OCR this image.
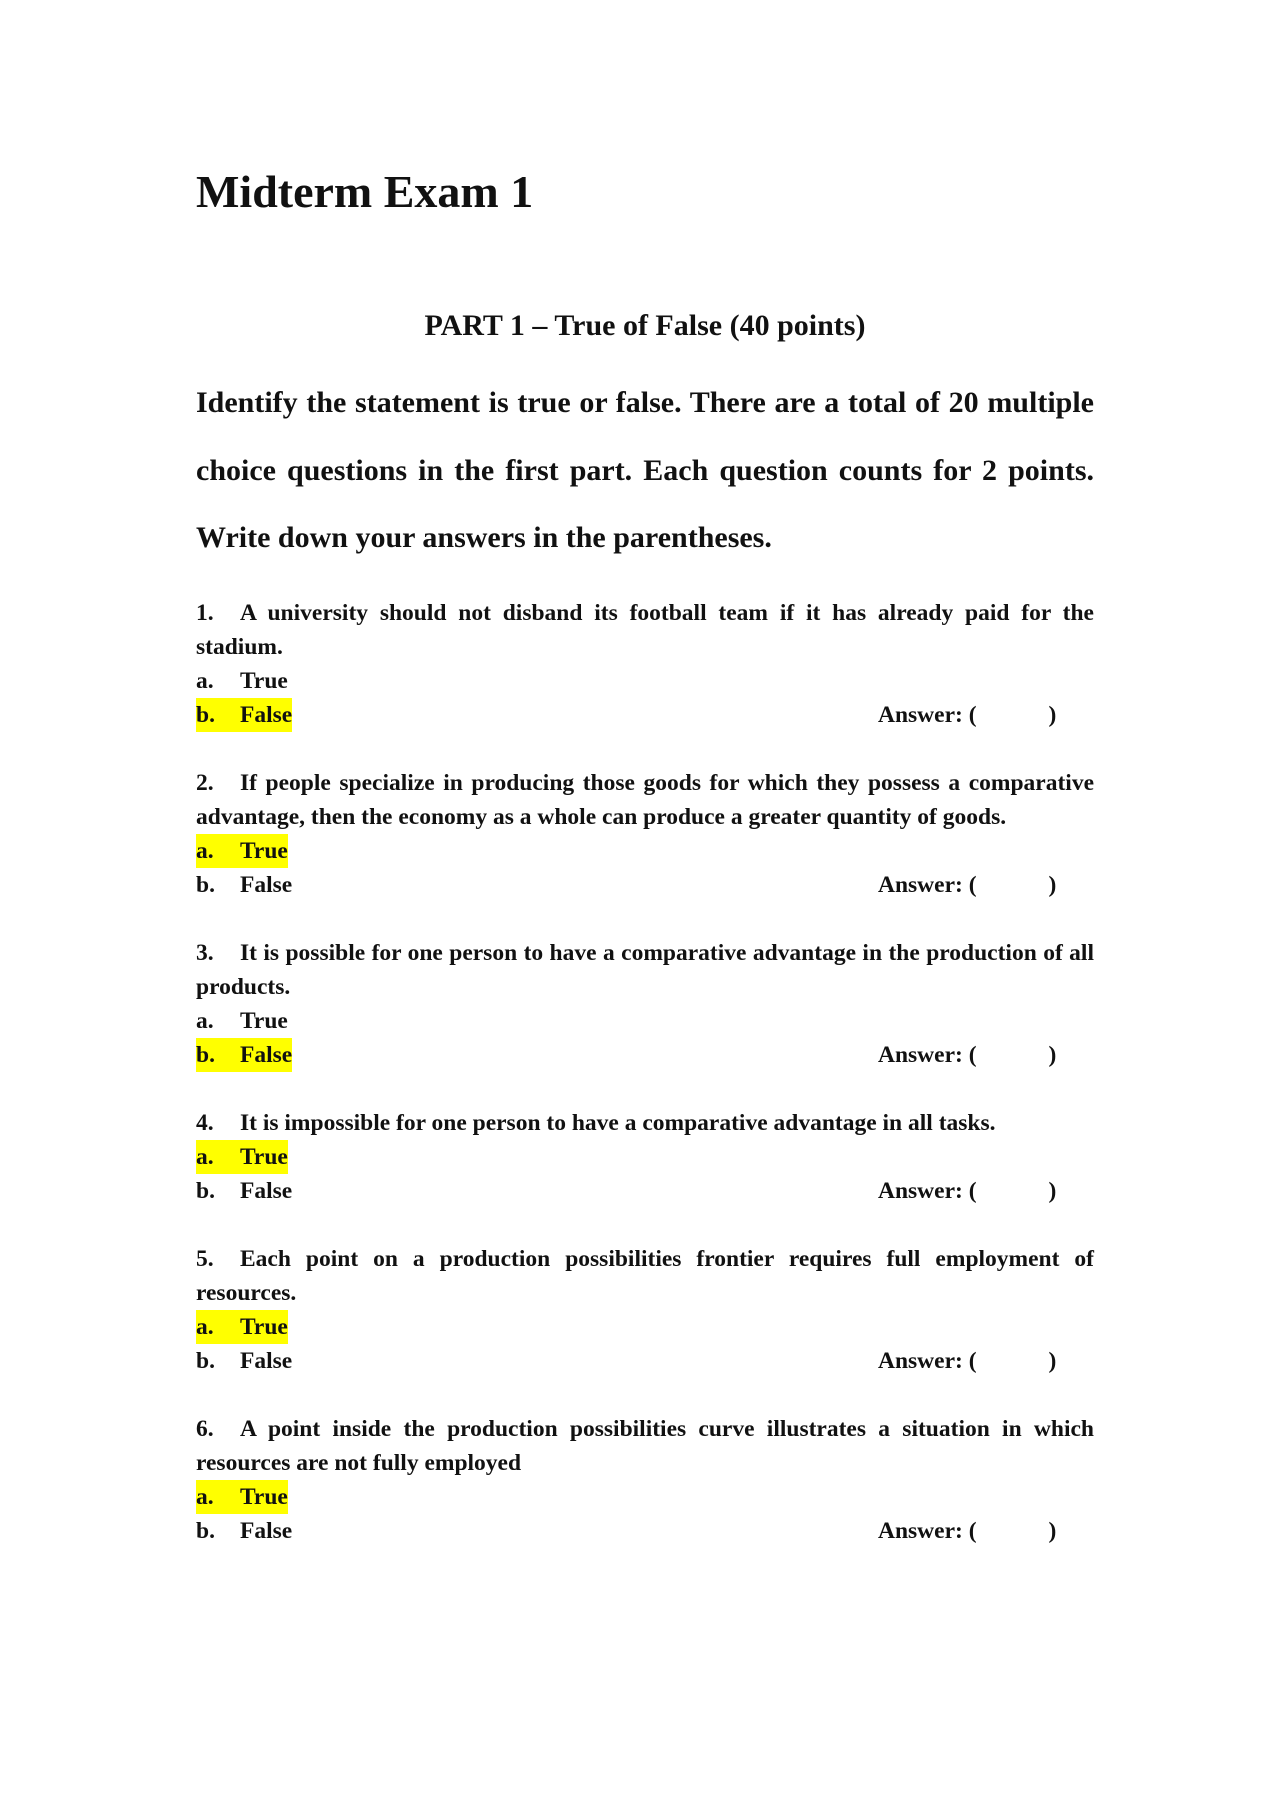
Midterm Exam 1
PART 1 – True of False (40 points)

Identify the statement is true or false. There are a total of 20 multiple choice questions in the first part. Each question counts for 2 points. Write down your answers in the parentheses.

1. A university should not disband its football team if it has already paid for the stadium.
a. True
b. False	Answer: (	)
2. If people specialize in producing those goods for which they possess a comparative advantage, then the economy as a whole can produce a greater quantity of goods.
a. True
b. False	Answer: (	)
3. It is possible for one person to have a comparative advantage in the production of all products.
a. True
b. False	Answer: (	)
4. It is impossible for one person to have a comparative advantage in all tasks.
a. True
b. False	Answer: (	)
5. Each point on a production possibilities frontier requires full employment of resources.
a. True
b. False	Answer: (	)
6. A point inside the production possibilities curve illustrates a situation in which resources are not fully employed
a. True
b. False	Answer: (	)
